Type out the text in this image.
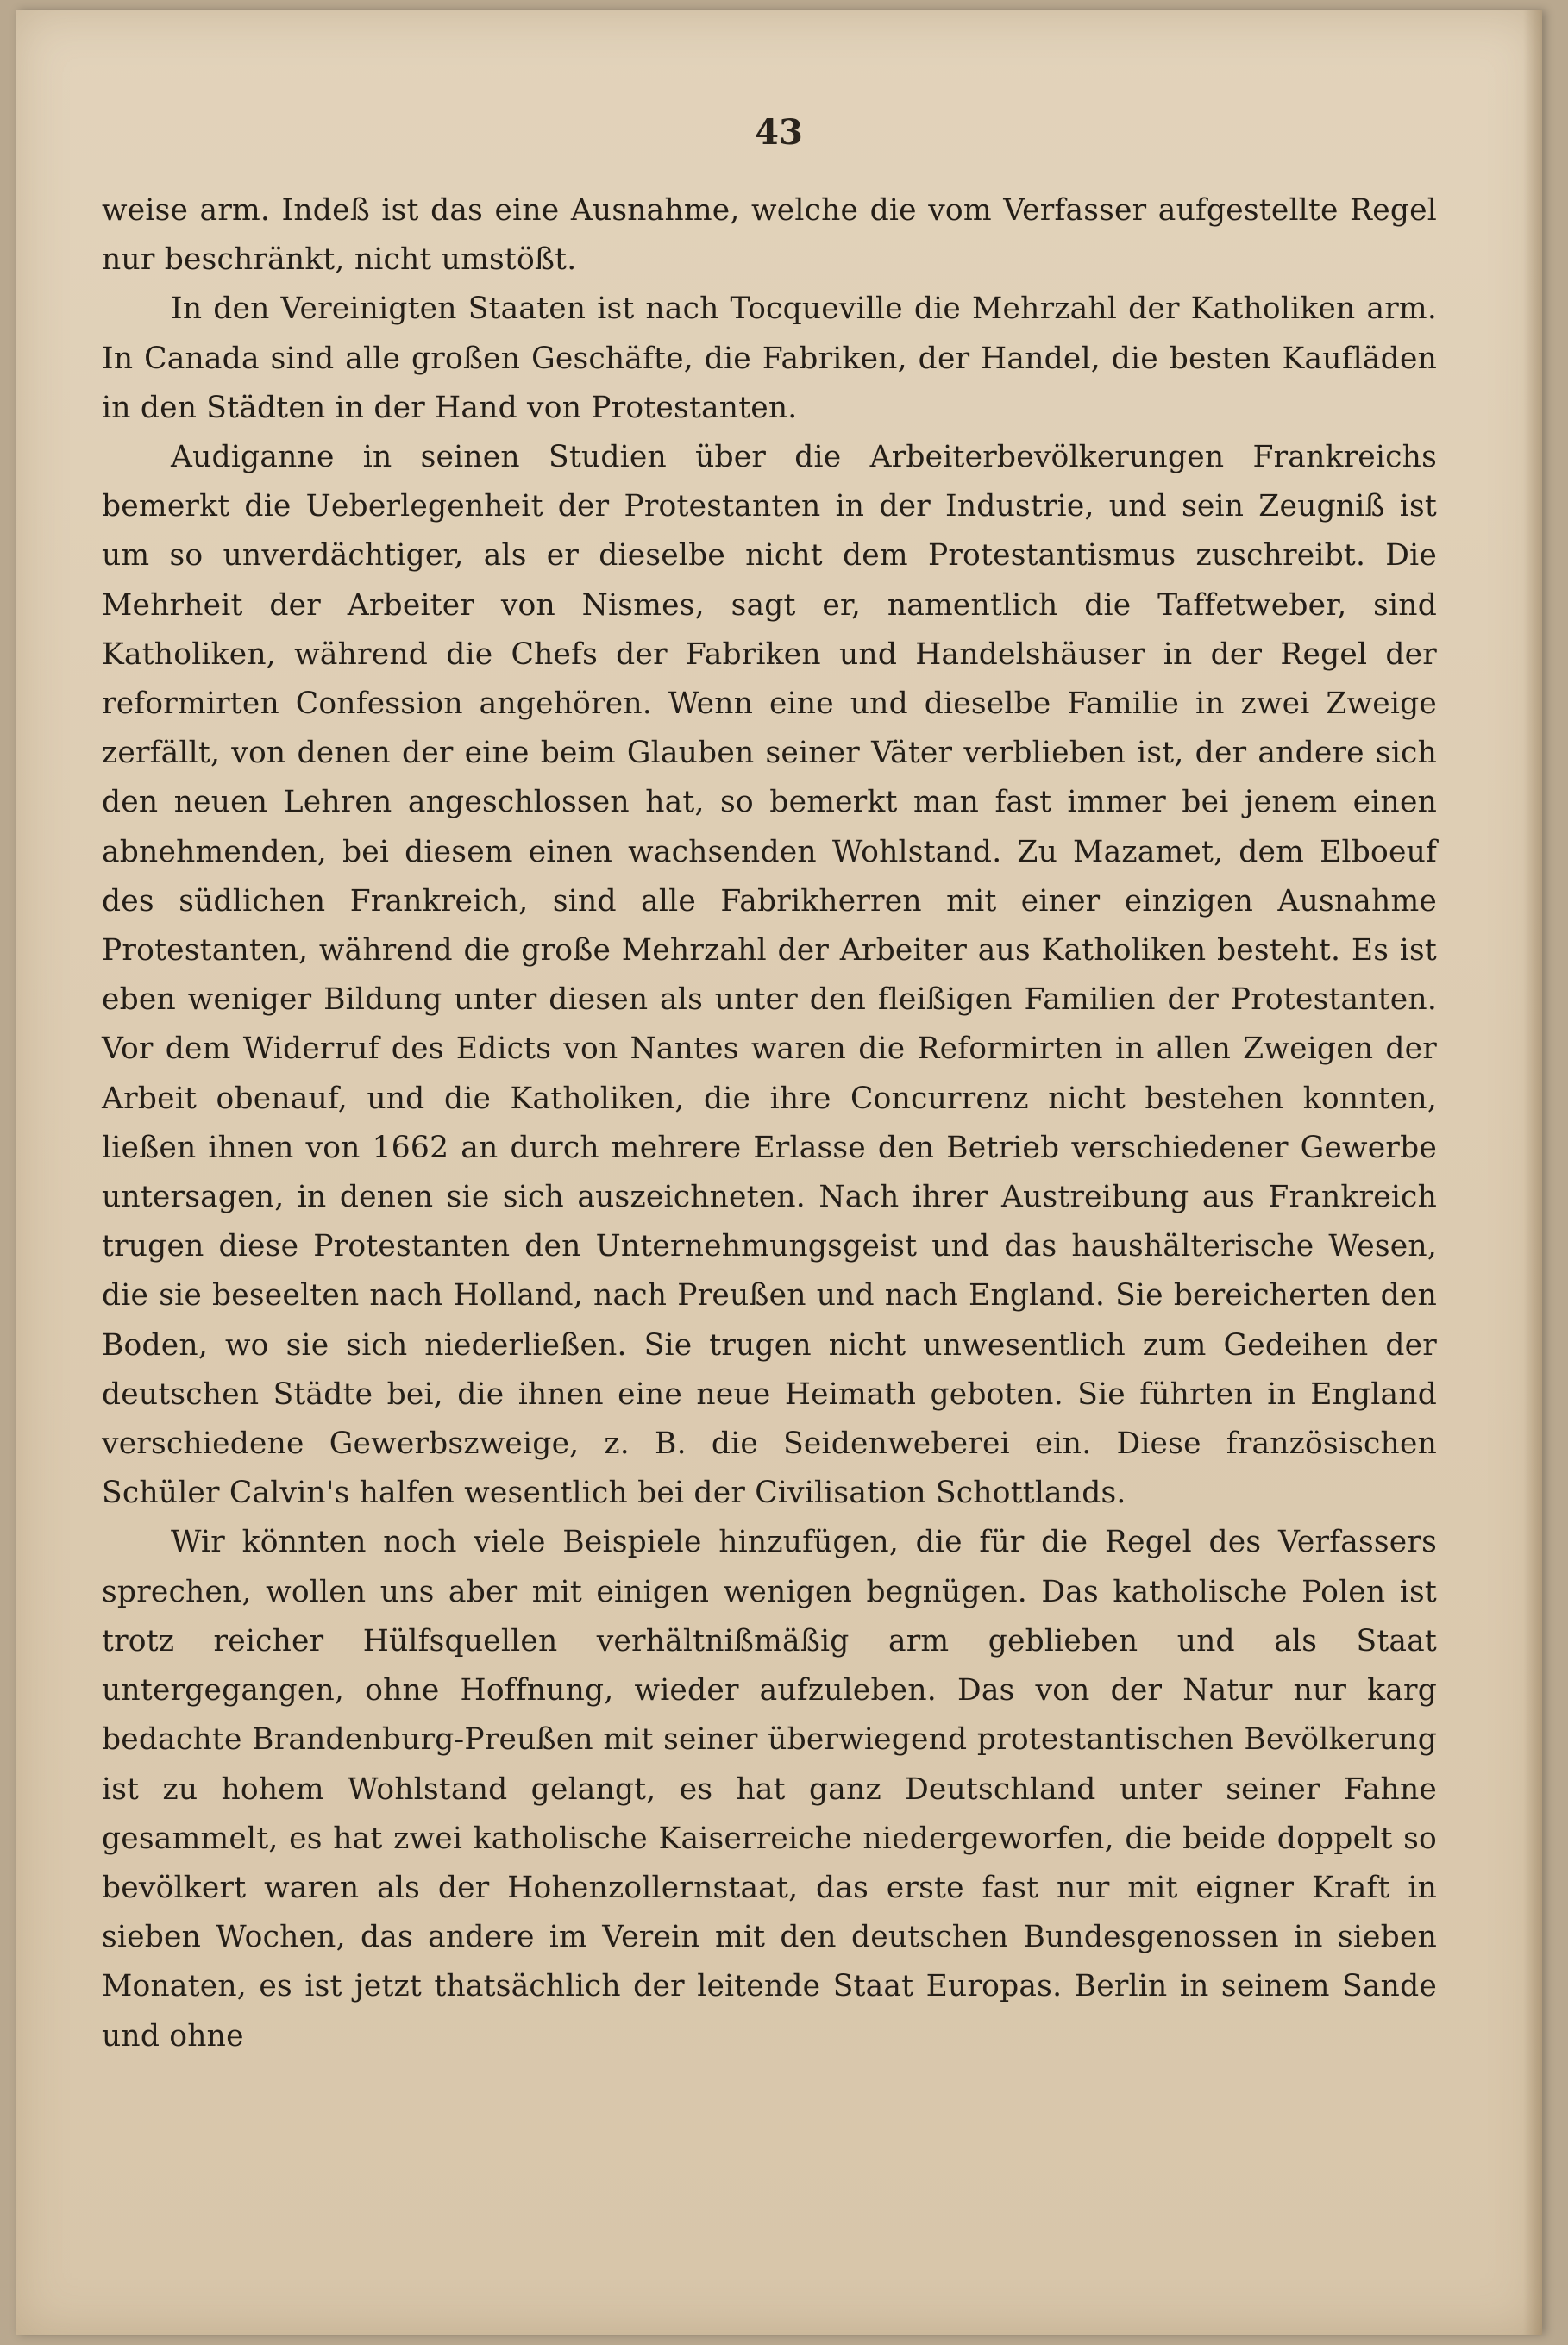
43

weise arm. Indeß ist das eine Ausnahme, welche die vom Verfasser aufgestellte Regel nur beschränkt, nicht umstößt.

In den Vereinigten Staaten ist nach Tocqueville die Mehrzahl der Katholiken arm. In Canada sind alle großen Geschäfte, die Fabriken, der Handel, die besten Kaufläden in den Städten in der Hand von Protestanten.

Audiganne in seinen Studien über die Arbeiterbevölkerungen Frankreichs bemerkt die Ueberlegenheit der Protestanten in der Industrie, und sein Zeugniß ist um so unverdächtiger, als er dieselbe nicht dem Protestantismus zuschreibt. Die Mehrheit der Arbeiter von Nismes, sagt er, namentlich die Taffetweber, sind Katholiken, während die Chefs der Fabriken und Handelshäuser in der Regel der reformirten Confession angehören. Wenn eine und dieselbe Familie in zwei Zweige zerfällt, von denen der eine beim Glauben seiner Väter verblieben ist, der andere sich den neuen Lehren angeschlossen hat, so bemerkt man fast immer bei jenem einen abnehmenden, bei diesem einen wachsenden Wohlstand. Zu Mazamet, dem Elboeuf des südlichen Frankreich, sind alle Fabrikherren mit einer einzigen Ausnahme Protestanten, während die große Mehrzahl der Arbeiter aus Katholiken besteht. Es ist eben weniger Bildung unter diesen als unter den fleißigen Familien der Protestanten. Vor dem Widerruf des Edicts von Nantes waren die Reformirten in allen Zweigen der Arbeit obenauf, und die Katholiken, die ihre Concurrenz nicht bestehen konnten, ließen ihnen von 1662 an durch mehrere Erlasse den Betrieb verschiedener Gewerbe untersagen, in denen sie sich auszeichneten. Nach ihrer Austreibung aus Frankreich trugen diese Protestanten den Unternehmungsgeist und das haushälterische Wesen, die sie beseelten nach Holland, nach Preußen und nach England. Sie bereicherten den Boden, wo sie sich niederließen. Sie trugen nicht unwesentlich zum Gedeihen der deutschen Städte bei, die ihnen eine neue Heimath geboten. Sie führten in England verschiedene Gewerbszweige, z. B. die Seidenweberei ein. Diese französischen Schüler Calvin's halfen wesentlich bei der Civilisation Schottlands.

Wir könnten noch viele Beispiele hinzufügen, die für die Regel des Verfassers sprechen, wollen uns aber mit einigen wenigen begnügen. Das katholische Polen ist trotz reicher Hülfsquellen verhältnißmäßig arm geblieben und als Staat untergegangen, ohne Hoffnung, wieder aufzuleben. Das von der Natur nur karg bedachte Brandenburg-Preußen mit seiner überwiegend protestantischen Bevölkerung ist zu hohem Wohlstand gelangt, es hat ganz Deutschland unter seiner Fahne gesammelt, es hat zwei katholische Kaiserreiche niedergeworfen, die beide doppelt so bevölkert waren als der Hohenzollernstaat, das erste fast nur mit eigner Kraft in sieben Wochen, das andere im Verein mit den deutschen Bundesgenossen in sieben Monaten, es ist jetzt thatsächlich der leitende Staat Europas. Berlin in seinem Sande und ohne
